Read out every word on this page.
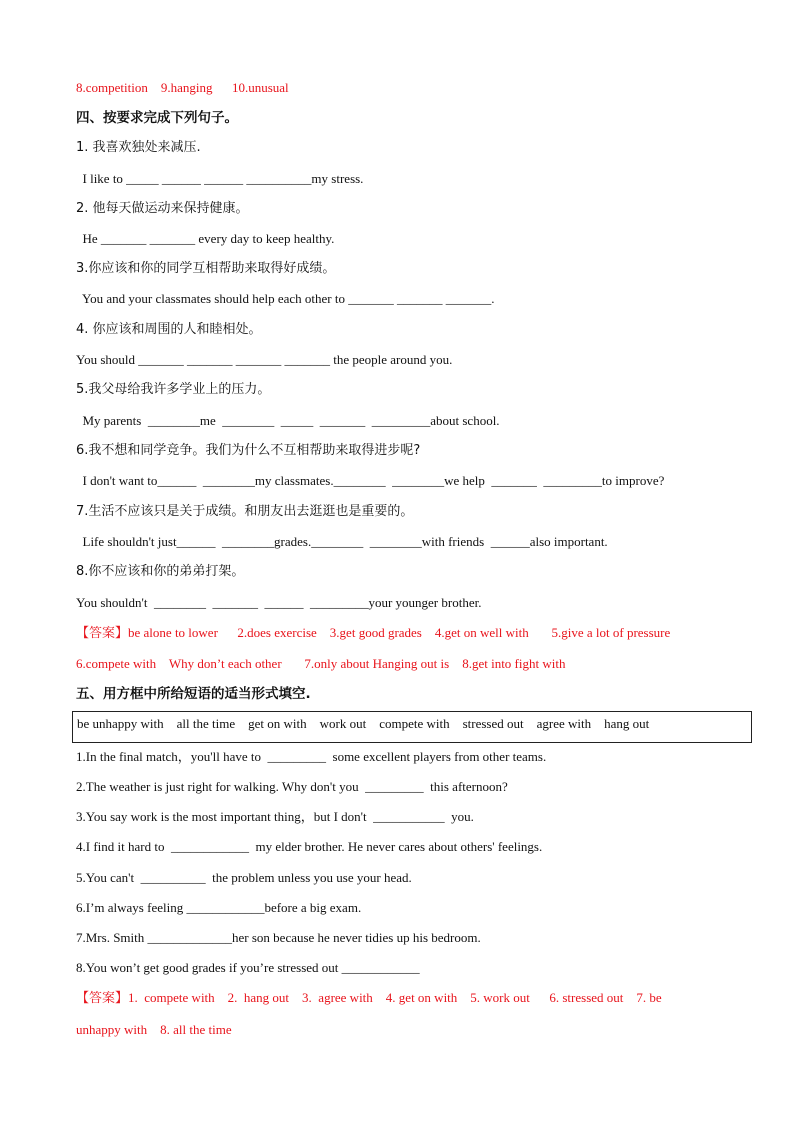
8.competition    9.hanging      10.unusual
四、按要求完成下列句子。
1. 我喜欢独处来减压.
I like to _____ ______ ______ __________my stress.
2. 他每天做运动来保持健康。
He _______ _______ every day to keep healthy.
3.你应该和你的同学互相帮助来取得好成绩。
You and your classmates should help each other to _______ _______ _______.
4. 你应该和周围的人和睦相处。
You should _______ _______ _______ _______ the people around you.
5.我父母给我许多学业上的压力。
My parents  ________me  ________  _____  _______  _________about school.
6.我不想和同学竞争。我们为什么不互相帮助来取得进步呢?
I don't want to______  ________my classmates.________  ________we help  _______  _________to improve?
7.生活不应该只是关于成绩。和朋友出去逛逛也是重要的。
Life shouldn't just______  ________grades.________  ________with friends  ______also important.
8.你不应该和你的弟弟打架。
You shouldn't  ________  _______  ______  _________your younger brother.
【答案】be alone to lower      2.does exercise    3.get good grades    4.get on well with       5.give a lot of pressure
6.compete with    Why don’t each other       7.only about Hanging out is    8.get into fight with
五、用方框中所给短语的适当形式填空.
be unhappy with    all the time    get on with    work out    compete with    stressed out    agree with    hang out
1.In the final match，you'll have to  _________  some excellent players from other teams.
2.The weather is just right for walking. Why don't you  _________  this afternoon?
3.You say work is the most important thing，but I don't  ___________  you.
4.I find it hard to  ____________  my elder brother. He never cares about others' feelings.
5.You can't  __________  the problem unless you use your head.
6.I’m always feeling ____________before a big exam.
7.Mrs. Smith _____________her son because he never tidies up his bedroom.
8.You won’t get good grades if you’re stressed out ____________
【答案】1.  compete with    2.  hang out    3.  agree with    4. get on with    5. work out      6. stressed out    7. be
unhappy with    8. all the time
